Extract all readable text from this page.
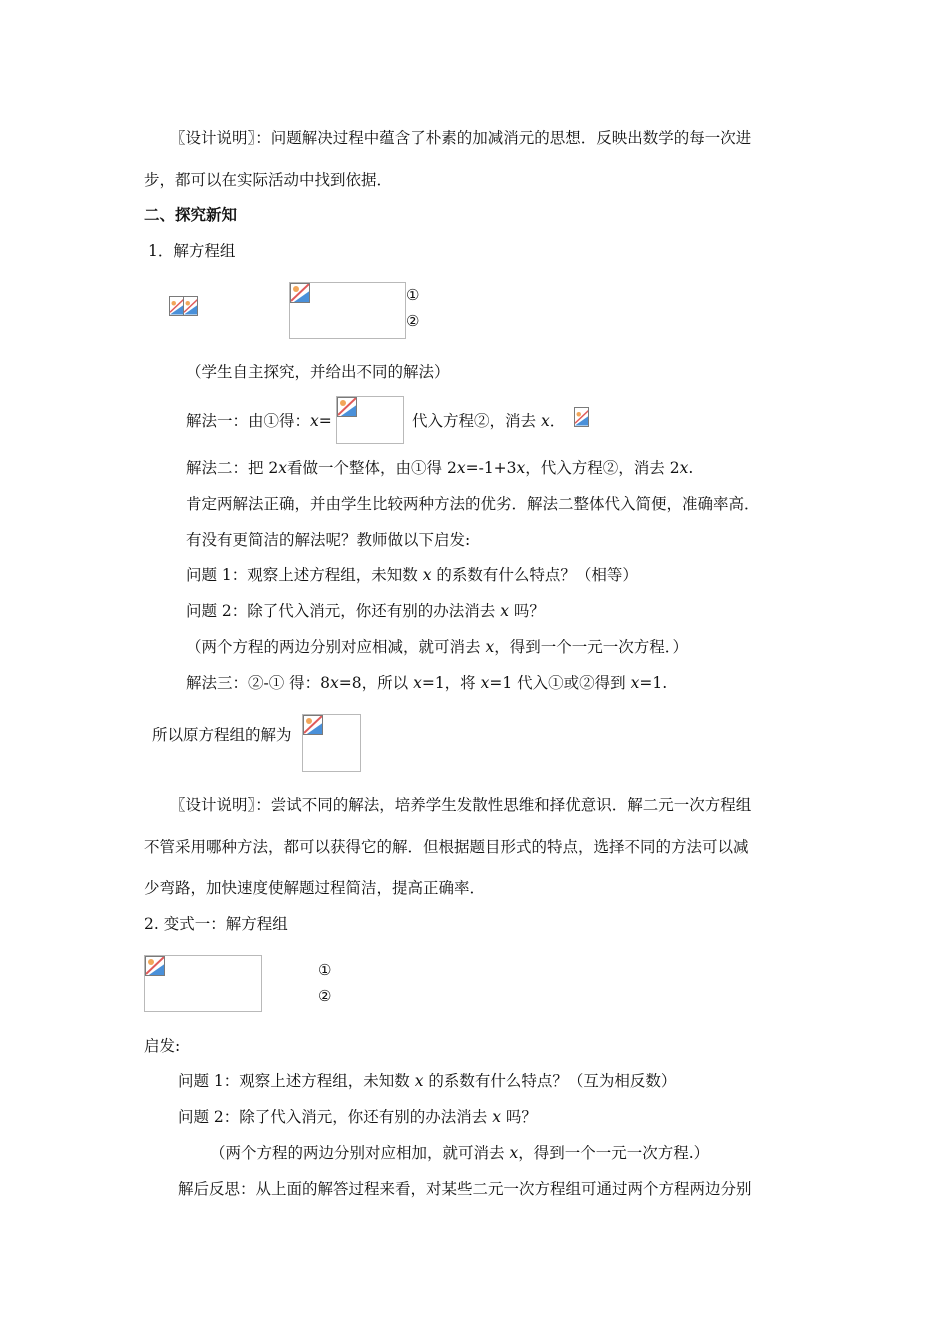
〖设计说明〗：问题解决过程中蕴含了朴素的加减消元的思想．反映出数学的每一次进
步，都可以在实际活动中找到依据．
二、探究新知
1．解方程组
①
②
（学生自主探究，并给出不同的解法）
解法一：由①得：x=	代入方程②，消去 x．
解法二：把 2x看做一个整体，由①得 2x=-1+3x，代入方程②，消去 2x.
肯定两解法正确，并由学生比较两种方法的优劣．解法二整体代入简便，准确率高．
有没有更简洁的解法呢？教师做以下启发:
问题 1：观察上述方程组，未知数 x 的系数有什么特点？（相等）
问题 2：除了代入消元，你还有别的办法消去 x 吗？
（两个方程的两边分别对应相减，就可消去 x，得到一个一元一次方程．）
解法三：②-① 得：8x=8，所以 x=1，将 x=1 代入①或②得到 x=1.
所以原方程组的解为
〖设计说明〗：尝试不同的解法，培养学生发散性思维和择优意识．解二元一次方程组
不管采用哪种方法，都可以获得它的解．但根据题目形式的特点，选择不同的方法可以减
少弯路，加快速度使解题过程简洁，提高正确率．
2. 变式一：解方程组
①
②
启发:
问题 1：观察上述方程组，未知数 x 的系数有什么特点？（互为相反数）
问题 2：除了代入消元，你还有别的办法消去 x 吗？
（两个方程的两边分别对应相加，就可消去 x，得到一个一元一次方程.）
解后反思：从上面的解答过程来看，对某些二元一次方程组可通过两个方程两边分别
